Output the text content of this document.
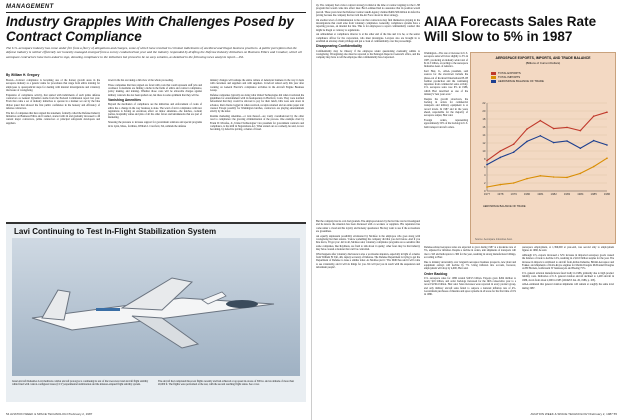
MANAGEMENT
Industry Grapples With Challenges Posed by Contract Compliance
The U.S. aerospace industry has come under fire from a flurry of allegations and charges, some of which have resulted in criminal indictments of unethical and illegal business practices. A public perception that the defense industry is neither efficiently nor honestly managed emerged from a survey conducted last year and the industry responded by drafting the Defense Industry Initiatives on Business Ethics and Conduct, which all aerospace contractors have been asked to sign, denoting compliance to the initiatives but proved to be no easy solution, as detailed in the following news analysis report.—Ed.
By William H. Gregory

Boston—Contract compliance is becoming one of the hottest growth areas in the aerospace industry as a generic name for procedures that range from ethics training for employees to quasi-judicial steps for dealing with internal investigations and voluntary disclosure of wrongdoing.

Expansive of compliance activity, that started with indictments of such prime defense contractors as General Dynamics stems from the Packard Commission report last year. From that came a set of industry initiatives to operate in a manner set out by the blue ribbon panel that showed the first public confidence in the honesty and efficiency of defense contractors.

The list of companies that have signed the statement, formally called the Defense Industry Initiatives on Business Ethics and Conduct, started with 24 and gradually increased to 46 current major contractors, prime contractors or principal subsystem developers and suppliers.

down in the list are taking a dim view of the whole proceeding.

Those companies that have signed are faced with costs that could represent staff jobs and overhead. Consultants are finding a niche in the fields of ethics and contract compliance, policy making, and training. Whether those costs will be allowable charges against military contracts has not been spelled out, but there is some optimism that they will be.

Vanishing Amenities

Beyond the mechanics of compliance are the initiatives and enforcement of codes of ethics has a change in the way business is done. The ward of strict compliance with new regulations is having an enormous effect on minor amenities—the lunches, cocktail parties, hospitality suites and pins of all the other favors and knickknacks that are part of marketing.

Stressing the pressure to increase support for government relations and special programs in its Lynn, Mass., facilities, William J. Crawford, 3rd, reminds the defense

industry changes will reshape the entire culture of American business in the way it deals with customers and suppliers and with suppliers. Crawford retired early this year after working on General Electric's compliance activities in the Aircraft Engine Business Group.

Defense companies typically are doing what United Technologies did when it revisited the guidelines for entertainment with its headquarters in Hartford, Conn. They were notified beforehand that they would be allowed to pay for their lunch, bills were sent down in advance, their checks logged in when received, receipts returned and an entire paper trail created. Except possibly for Washington lunches, contractors are playing entertainment strictly by the letter.

Routine marketing amenities—or lack thereof—are vastly overshadowed by the other road to compliance: the growing criminalization of the process. One example cited by Frank W. McAfee, Jr., United Technologies' vice president for government contracts and compliance, is the shift in Negotiations Act. What started out as a remedy, he said, is now becoming, by defective pricing, a matter of fraud.

Lavi Continuing to Test In-Flight Stabilization System
Israel Aircraft Industries Lavi multirole combat aircraft prototype is continuing its test of the lower-level and aircraft flight stability while fitted with control-configured vanes (CCV) experimental stabilization and the mission-adapted flight stability system.
The aircraft had completed three test flights recently and had achieved a top speed in excess of 300 kt. and an altitude of more than 20,000 ft. The flights were performed at the test, with the second reaching flight status. See cover.
54 AVIATION WEEK & SPACE TECHNOLOGY/February 2, 1987

ity. The company had a labor contract strategy in mind at the time of contract signing for the C-5B program that would come into effect later. But Lockheed had no assurance that its position would prevail. Three years later the Defense Contract Audit Agency claimed $400-500 million in defective pricing because the company had not told the Air Force about its labor strategy.

On another level of criminalization is the role that contractors may find themselves playing in the investigations that could arise from voluntary compliance. Generally, compliance systems have a reporting process, an internal hot line. This is for employees to report confidentially conduct that might be illegal or contrary to regulations.

An ombudsman or compliance director is at the other end of the line and it is he, or the senior compliance officer for the corporation, who must investigate. Lawyers also are brought in to establish an attorney-client privilege and put a cloak of confidentiality over the proceedings.

Disappearing Confidentiality

Confidentiality may be illusory if the employee under questioning eventually admits to wrongdoing. Wrongdoing also must be reported to the Pentagon Inspector General's office, and the company may have to tell the employee that confidentiality has evaporated.

But the company has its own bad grounds. The employee known by the hot line can be investigated and he knows the situation has been discussed with co-workers or suppliers. His reputation has come under a cloud and his loyalty and honesty questioned. He may want to sue if the accusations are groundless.

An equally unpleasant possibility envisioned by McAfee is the employee who goes along with wrongdoing but then returns. 'I know something the company did that you don't know. And if you hire me in, I'll get you.' All in all, McAfee said, voluntary compliance programs are so sensitive that some companies, like Raytheon, are fraid to talk about it openly; other fears may be that industry may have created a monster that can't be controlled.

What happens after voluntary disclosure is also a worrisome situation, especially in light of a memo from William H. Taft, 4th, deputy secretary of Defense. The Defense Department is trying to get the Department of Defense to issue a similar letter. As McAfee put it: 'The DOD has said it will come to see voluntarily, and it will do things for you. We will put you in touch with the suspension and debarment people'.

AIAA Forecasts Sales Rate Will Slow to 5% in 1987

Washington—The rate of increase in U.S. aerospace sales will slow slightly to 5% in 1987, producing an industry-wide total of $112.5 billion, according to the Aerospace Industries Assn. of America.

Karl Harr, Jr., AIAA president, said sources for the slowdown include the phase-out of Rockwell International B-1B bomber production and the continuing departure from commercial sales activity. U.S. aerospace sales rose 6% in 1986, which Harr described as one of the industry's 'best years ever.'

Despite the growth slowdown, the backlog in orders for commercial transports and military equipment is at record levels. In 1987 and in the years ahead, responsible for the majority of aerospace output, Harr said.

Foreign orders, representing approximately 50% of the backlog in U.S. built transport aircraft orders.

AEROSPACE EXPORTS, IMPORTS, AND TRADE BALANCE
(Billions of Current Dollars)
0
2
4
6
8
10
12
14
16
18
20
22
1977	1978	1979	1980	1981	1982	1983	1984	1985	1986
TOTAL EXPORTS
TOTAL IMPORTS
AEROSPACE BALANCE OF TRADE
AEROSPACE BALANCE OF TRADE
Source: Aerospace Industries Assn.

Defense-related aerospace sales are expected to grow during 1987 at a moderate rate of 3%, adjusted for inflation. Despite a decline in orders, unit shipments of transports will rise to 345 and helicopters to 360 for the year, resulting in strong manufacturer billings, according to Harr.

Due to industry uncertainty over longterm aerospace business prospects, new plant and equipment outlays will decline by 7%. Using inflation into account, however, employment will drop by 4,000, Harr said.

Order Backlog

U.S. aerospace sales for 1986 totaled $103.5 billion. Exports grew $264 million to nearly $19 billion, and order backlogs increased for the fifth consecutive year to a record $138.4 billion. Harr said. Sales increases were reported in every product group, and only military aircraft sales failed to outpace a national inflation rate of 4%. Government purchases of missiles and space systems in all areas for the first time of 6% in 1986.

Aerospace employment, at 1,399,000 at year-end, was second only to employment figures in 1968, he said.

Although U.S. exports increased a 52% increase in imported aerospace goods caused the balance of trade to decline 14%, resulting in a $10.9 billion surplus for the year. The increase in imports is attributed to aircraft from Airbus Industrie, British Aerospace and Fokker, and shipments of Rolls-Royce engines for Martin Dougals McDonnell Douglas on B0 Hornets, Gulfstream IV business jets and Boeing 757s.

U.S. general aviation manufacturers fared badly in 1986, primarily due to high product liability costs. Deliveries of U.S. general aviation aircraft declined to 1,400 aircraft in 1986, down from about 2,000 in 1985 (AW&ST Jan. 26, 1986, p. 103).

AIAA estimated that general aviation shipments will remain at roughly the same level during 1987.

AVIATION WEEK & SPACE TECHNOLOGY/February 2, 1987 55
